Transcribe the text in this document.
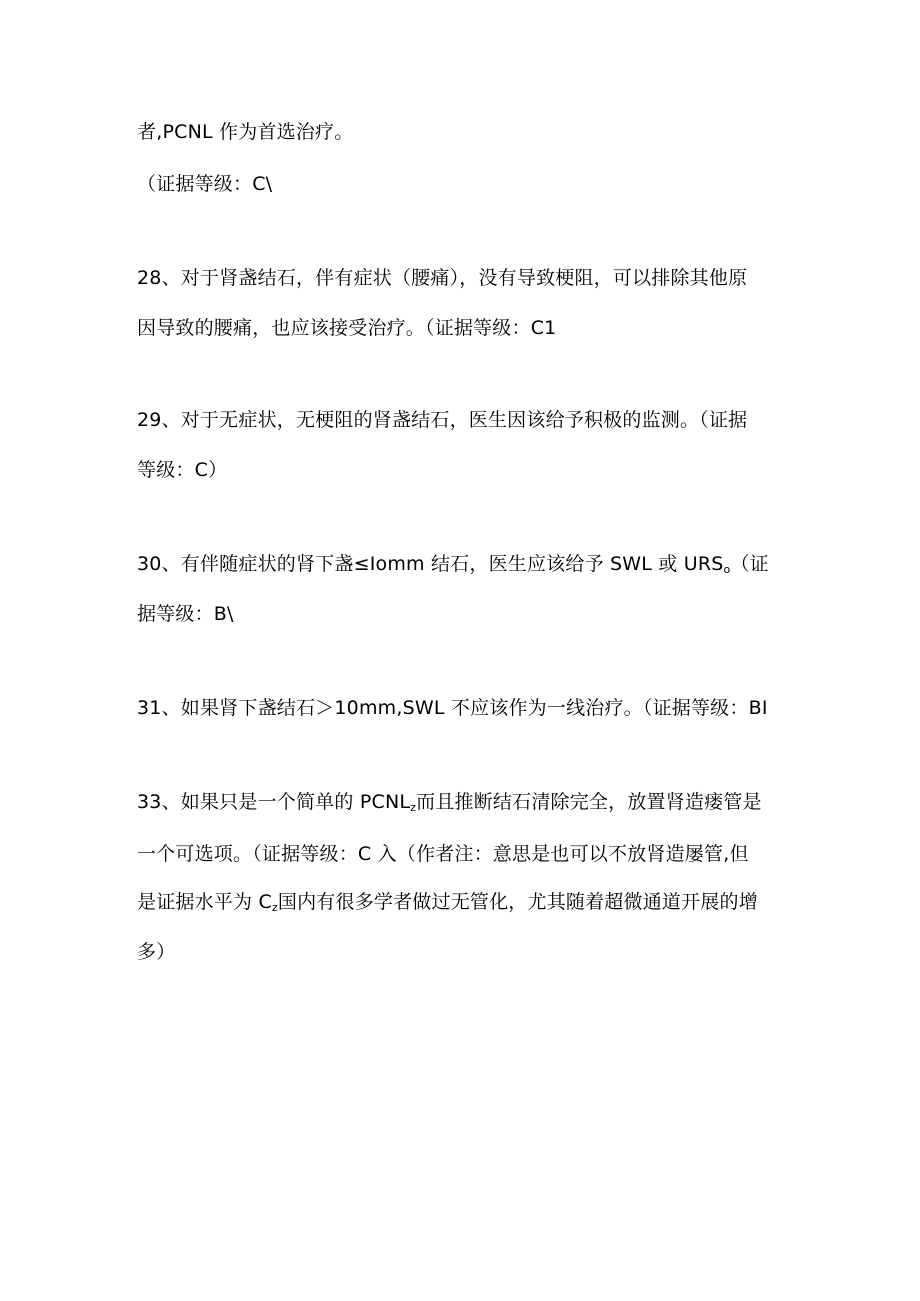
者,PCNL 作为首选治疗。
（证据等级：C\
28、对于肾盏结石，伴有症状（腰痛），没有导致梗阻，可以排除其他原
因导致的腰痛，也应该接受治疗。（证据等级：C1
29、对于无症状，无梗阻的肾盏结石，医生因该给予积极的监测。（证据
等级：C）
30、有伴随症状的肾下盏≤Iomm 结石，医生应该给予 SWL 或 $URS_o$（证
据等级：B\
31、如果肾下盏结石＞10mm,SWL 不应该作为一线治疗。（证据等级：BI
33、如果只是一个简单的 $PCNL_z$而且推断结石清除完全，放置肾造瘘管是
一个可选项。（证据等级：C 入（作者注：意思是也可以不放肾造屡管,但
是证据水平为 $C_z$国内有很多学者做过无管化，尤其随着超微通道开展的增
多）
